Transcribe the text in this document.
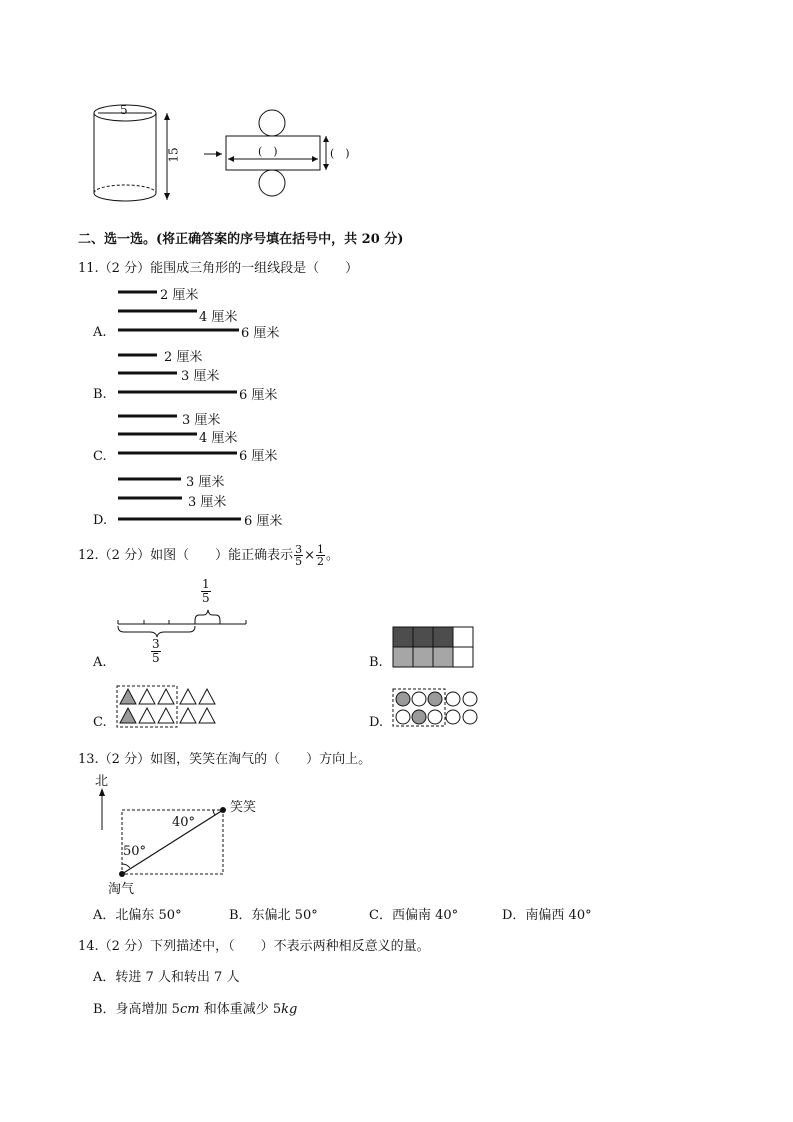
5
15	(　)	(　)
二、选一选。(将正确答案的序号填在括号中，共 20 分)
11.（2 分）能围成三角形的一组线段是（　　）
2 厘米
4 厘米
6 厘米
A.
2 厘米
3 厘米
6 厘米
B.
3 厘米
4 厘米
6 厘米
C.
3 厘米
3 厘米
6 厘米
D.
12.（2 分）如图（　　）能正确表示 $\frac{3}{5} \times \frac{1}{2}$ 。
$\frac{1}{5}$
$\frac{3}{5}$
A.	B.
C.	D.
13.（2 分）如图，笑笑在淘气的（　　）方向上。
北
笑笑
40°
50°
淘气
A．北偏东 50°	B．东偏北 50°	C．西偏南 40°	D．南偏西 40°
14.（2 分）下列描述中，（　　）不表示两种相反意义的量。
A．转进 7 人和转出 7 人
B．身高增加 5cm 和体重减少 5kg
